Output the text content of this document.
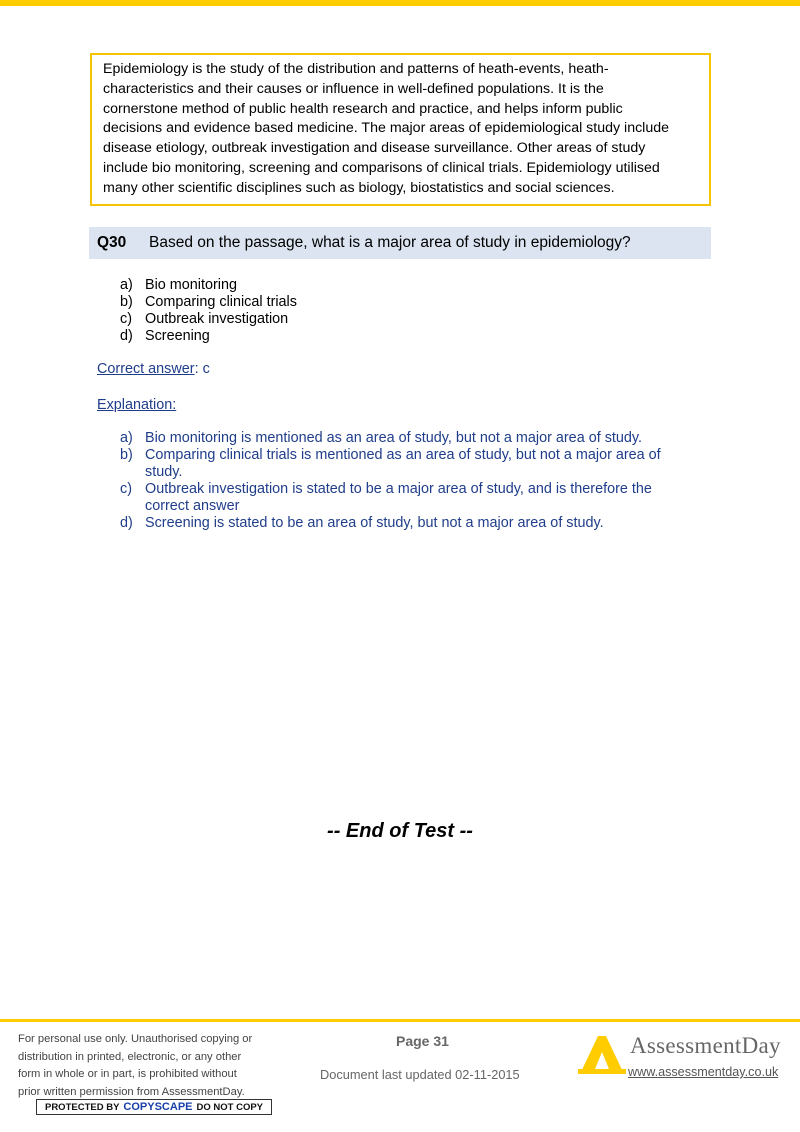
Epidemiology is the study of the distribution and patterns of heath-events, heath-
characteristics and their causes or influence in well-defined populations. It is the
cornerstone method of public health research and practice, and helps inform public
decisions and evidence based medicine. The major areas of epidemiological study include
disease etiology, outbreak investigation and disease surveillance. Other areas of study
include bio monitoring, screening and comparisons of clinical trials. Epidemiology utilised
many other scientific disciplines such as biology, biostatistics and social sciences.
Q30	Based on the passage, what is a major area of study in epidemiology?
a) Bio monitoring
b) Comparing clinical trials
c) Outbreak investigation
d) Screening
Correct answer: c
Explanation:
a) Bio monitoring is mentioned as an area of study, but not a major area of study.
b) Comparing clinical trials is mentioned as an area of study, but not a major area of study.
c) Outbreak investigation is stated to be a major area of study, and is therefore the correct answer
d) Screening is stated to be an area of study, but not a major area of study.
-- End of Test --
For personal use only. Unauthorised copying or
distribution in printed, electronic, or any other
form in whole or in part, is prohibited without
prior written permission from AssessmentDay.
PROTECTED BY COPYSCAPE DO NOT COPY
Page 31
Document last updated 02-11-2015
AssessmentDay
www.assessmentday.co.uk
